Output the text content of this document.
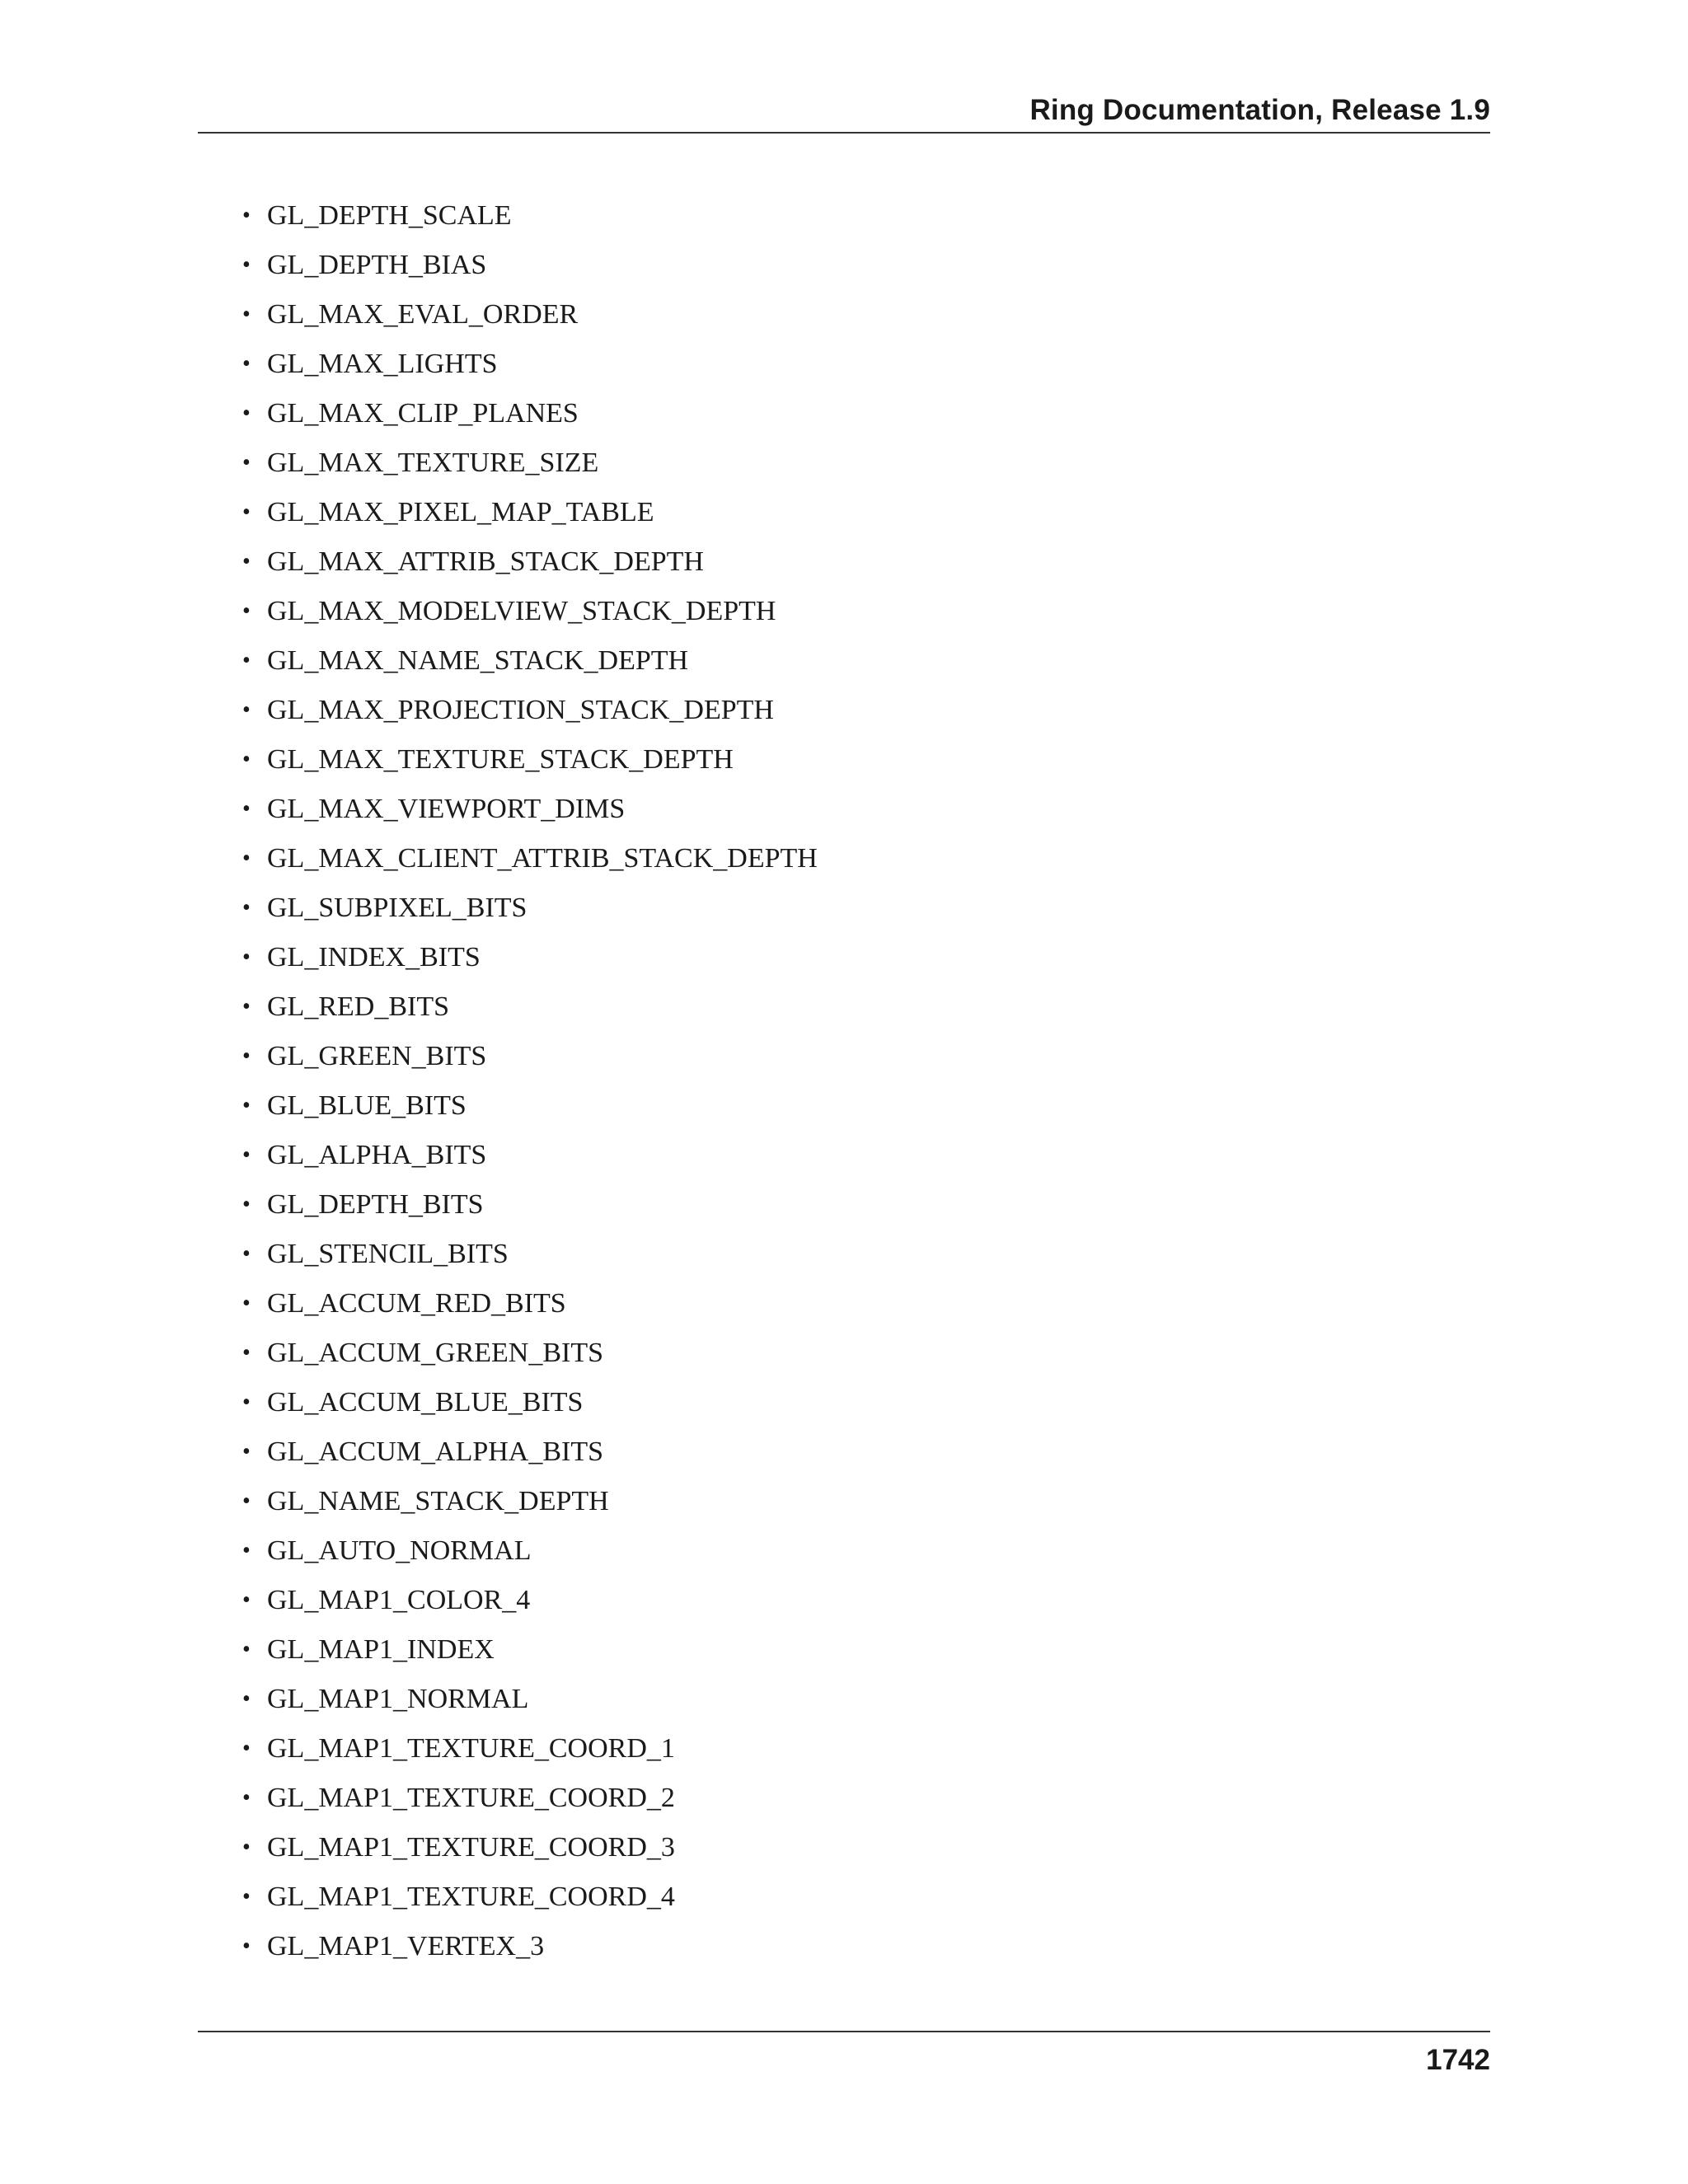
Ring Documentation, Release 1.9
• GL_DEPTH_SCALE
• GL_DEPTH_BIAS
• GL_MAX_EVAL_ORDER
• GL_MAX_LIGHTS
• GL_MAX_CLIP_PLANES
• GL_MAX_TEXTURE_SIZE
• GL_MAX_PIXEL_MAP_TABLE
• GL_MAX_ATTRIB_STACK_DEPTH
• GL_MAX_MODELVIEW_STACK_DEPTH
• GL_MAX_NAME_STACK_DEPTH
• GL_MAX_PROJECTION_STACK_DEPTH
• GL_MAX_TEXTURE_STACK_DEPTH
• GL_MAX_VIEWPORT_DIMS
• GL_MAX_CLIENT_ATTRIB_STACK_DEPTH
• GL_SUBPIXEL_BITS
• GL_INDEX_BITS
• GL_RED_BITS
• GL_GREEN_BITS
• GL_BLUE_BITS
• GL_ALPHA_BITS
• GL_DEPTH_BITS
• GL_STENCIL_BITS
• GL_ACCUM_RED_BITS
• GL_ACCUM_GREEN_BITS
• GL_ACCUM_BLUE_BITS
• GL_ACCUM_ALPHA_BITS
• GL_NAME_STACK_DEPTH
• GL_AUTO_NORMAL
• GL_MAP1_COLOR_4
• GL_MAP1_INDEX
• GL_MAP1_NORMAL
• GL_MAP1_TEXTURE_COORD_1
• GL_MAP1_TEXTURE_COORD_2
• GL_MAP1_TEXTURE_COORD_3
• GL_MAP1_TEXTURE_COORD_4
• GL_MAP1_VERTEX_3
1742
